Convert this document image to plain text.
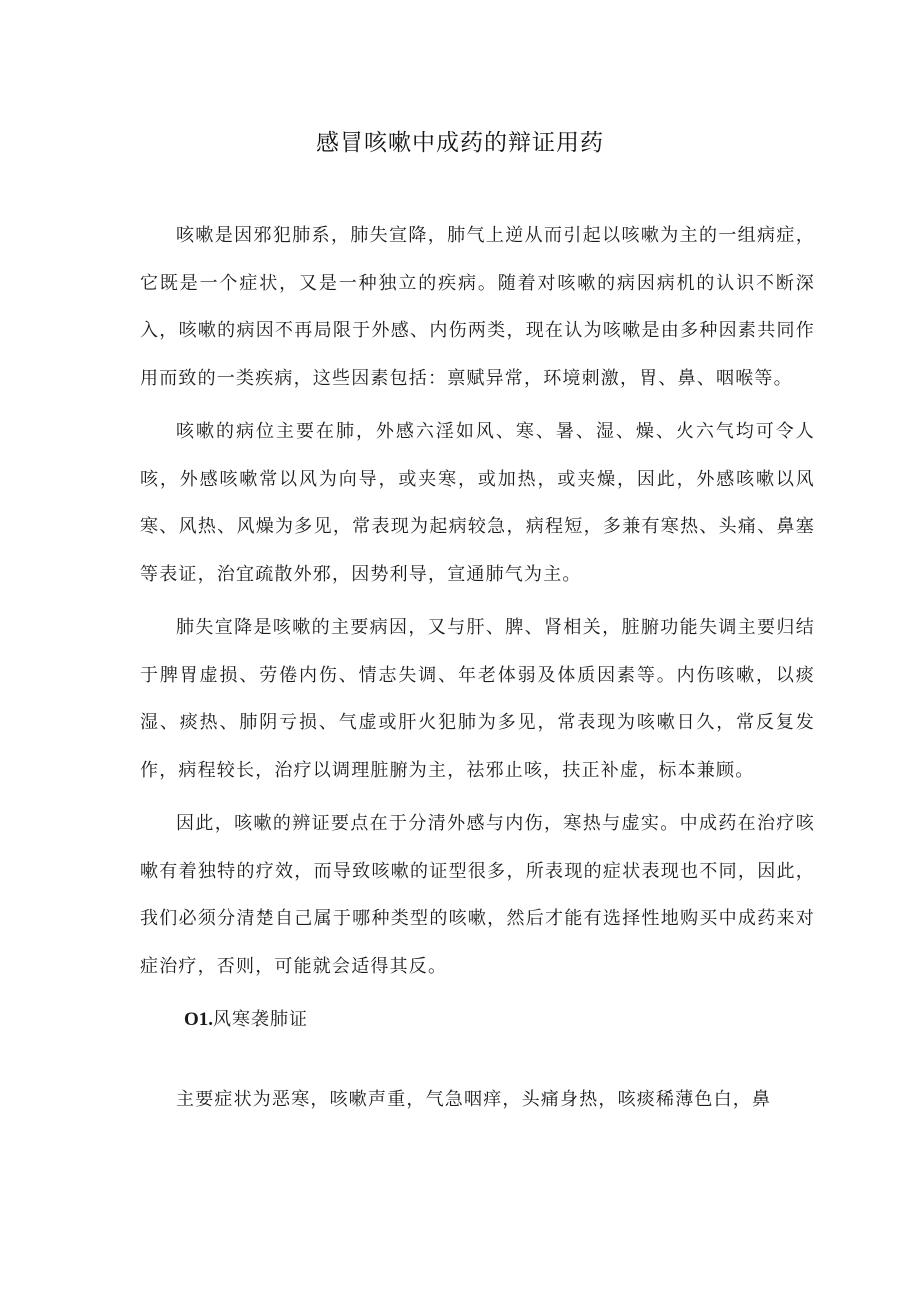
感冒咳嗽中成药的辩证用药

咳嗽是因邪犯肺系，肺失宣降，肺气上逆从而引起以咳嗽为主的一组病症，它既是一个症状，又是一种独立的疾病。随着对咳嗽的病因病机的认识不断深入，咳嗽的病因不再局限于外感、内伤两类，现在认为咳嗽是由多种因素共同作用而致的一类疾病，这些因素包括：禀赋异常，环境刺激，胃、鼻、咽喉等。

咳嗽的病位主要在肺，外感六淫如风、寒、暑、湿、燥、火六气均可令人咳，外感咳嗽常以风为向导，或夹寒，或加热，或夹燥，因此，外感咳嗽以风寒、风热、风燥为多见，常表现为起病较急，病程短，多兼有寒热、头痛、鼻塞等表证，治宜疏散外邪，因势利导，宣通肺气为主。

肺失宣降是咳嗽的主要病因，又与肝、脾、肾相关，脏腑功能失调主要归结于脾胃虚损、劳倦内伤、情志失调、年老体弱及体质因素等。内伤咳嗽，以痰湿、痰热、肺阴亏损、气虚或肝火犯肺为多见，常表现为咳嗽日久，常反复发作，病程较长，治疗以调理脏腑为主，祛邪止咳，扶正补虚，标本兼顾。

因此，咳嗽的辨证要点在于分清外感与内伤，寒热与虚实。中成药在治疗咳嗽有着独特的疗效，而导致咳嗽的证型很多，所表现的症状表现也不同，因此，我们必须分清楚自己属于哪种类型的咳嗽，然后才能有选择性地购买中成药来对症治疗，否则，可能就会适得其反。

O1.风寒袭肺证

主要症状为恶寒，咳嗽声重，气急咽痒，头痛身热，咳痰稀薄色白，鼻
